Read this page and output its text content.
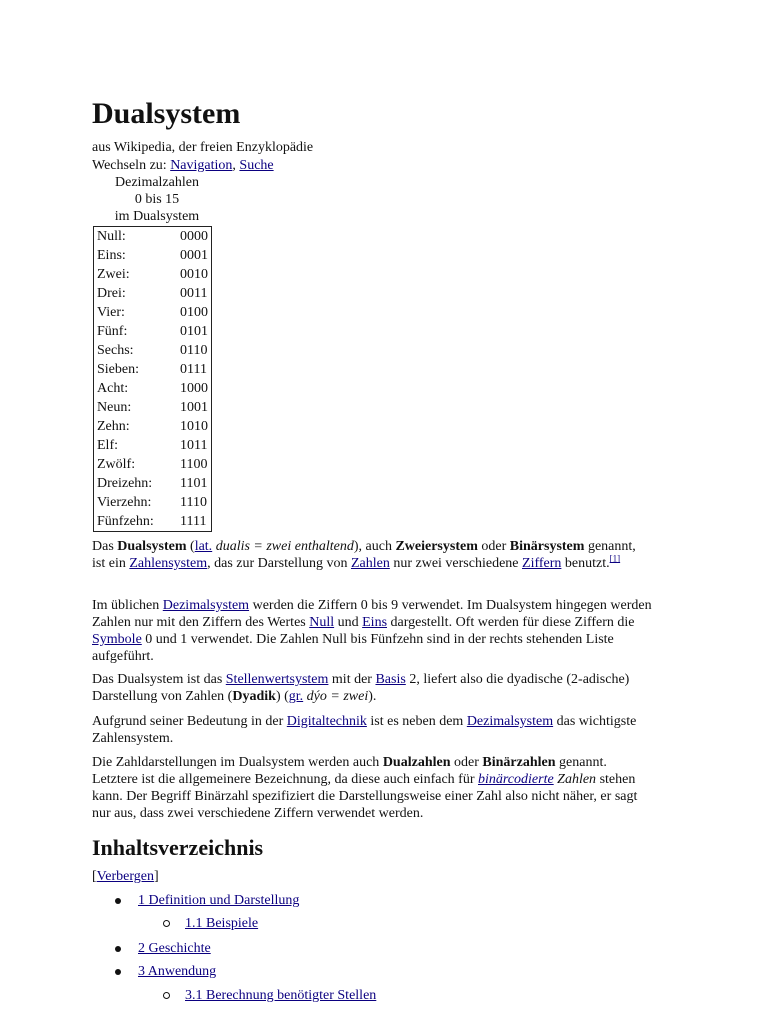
Dualsystem
aus Wikipedia, der freien Enzyklopädie
Wechseln zu: Navigation, Suche
Dezimalzahlen
0 bis 15
im Dualsystem
Null:	0000
Eins:	0001
Zwei:	0010
Drei:	0011
Vier:	0100
Fünf:	0101
Sechs:	0110
Sieben:	0111
Acht:	1000
Neun:	1001
Zehn:	1010
Elf:	1011
Zwölf:	1100
Dreizehn:	1101
Vierzehn:	1110
Fünfzehn:	1111
Das Dualsystem (lat. dualis = zwei enthaltend), auch Zweiersystem oder Binärsystem genannt, ist ein Zahlensystem, das zur Darstellung von Zahlen nur zwei verschiedene Ziffern benutzt.[1]
Im üblichen Dezimalsystem werden die Ziffern 0 bis 9 verwendet. Im Dualsystem hingegen werden Zahlen nur mit den Ziffern des Wertes Null und Eins dargestellt. Oft werden für diese Ziffern die Symbole 0 und 1 verwendet. Die Zahlen Null bis Fünfzehn sind in der rechts stehenden Liste aufgeführt.
Das Dualsystem ist das Stellenwertsystem mit der Basis 2, liefert also die dyadische (2-adische) Darstellung von Zahlen (Dyadik) (gr. dýo = zwei).
Aufgrund seiner Bedeutung in der Digitaltechnik ist es neben dem Dezimalsystem das wichtigste Zahlensystem.
Die Zahldarstellungen im Dualsystem werden auch Dualzahlen oder Binärzahlen genannt. Letztere ist die allgemeinere Bezeichnung, da diese auch einfach für binärcodierte Zahlen stehen kann. Der Begriff Binärzahl spezifiziert die Darstellungsweise einer Zahl also nicht näher, er sagt nur aus, dass zwei verschiedene Ziffern verwendet werden.
Inhaltsverzeichnis
[Verbergen]
1 Definition und Darstellung
1.1 Beispiele
2 Geschichte
3 Anwendung
3.1 Berechnung benötigter Stellen
